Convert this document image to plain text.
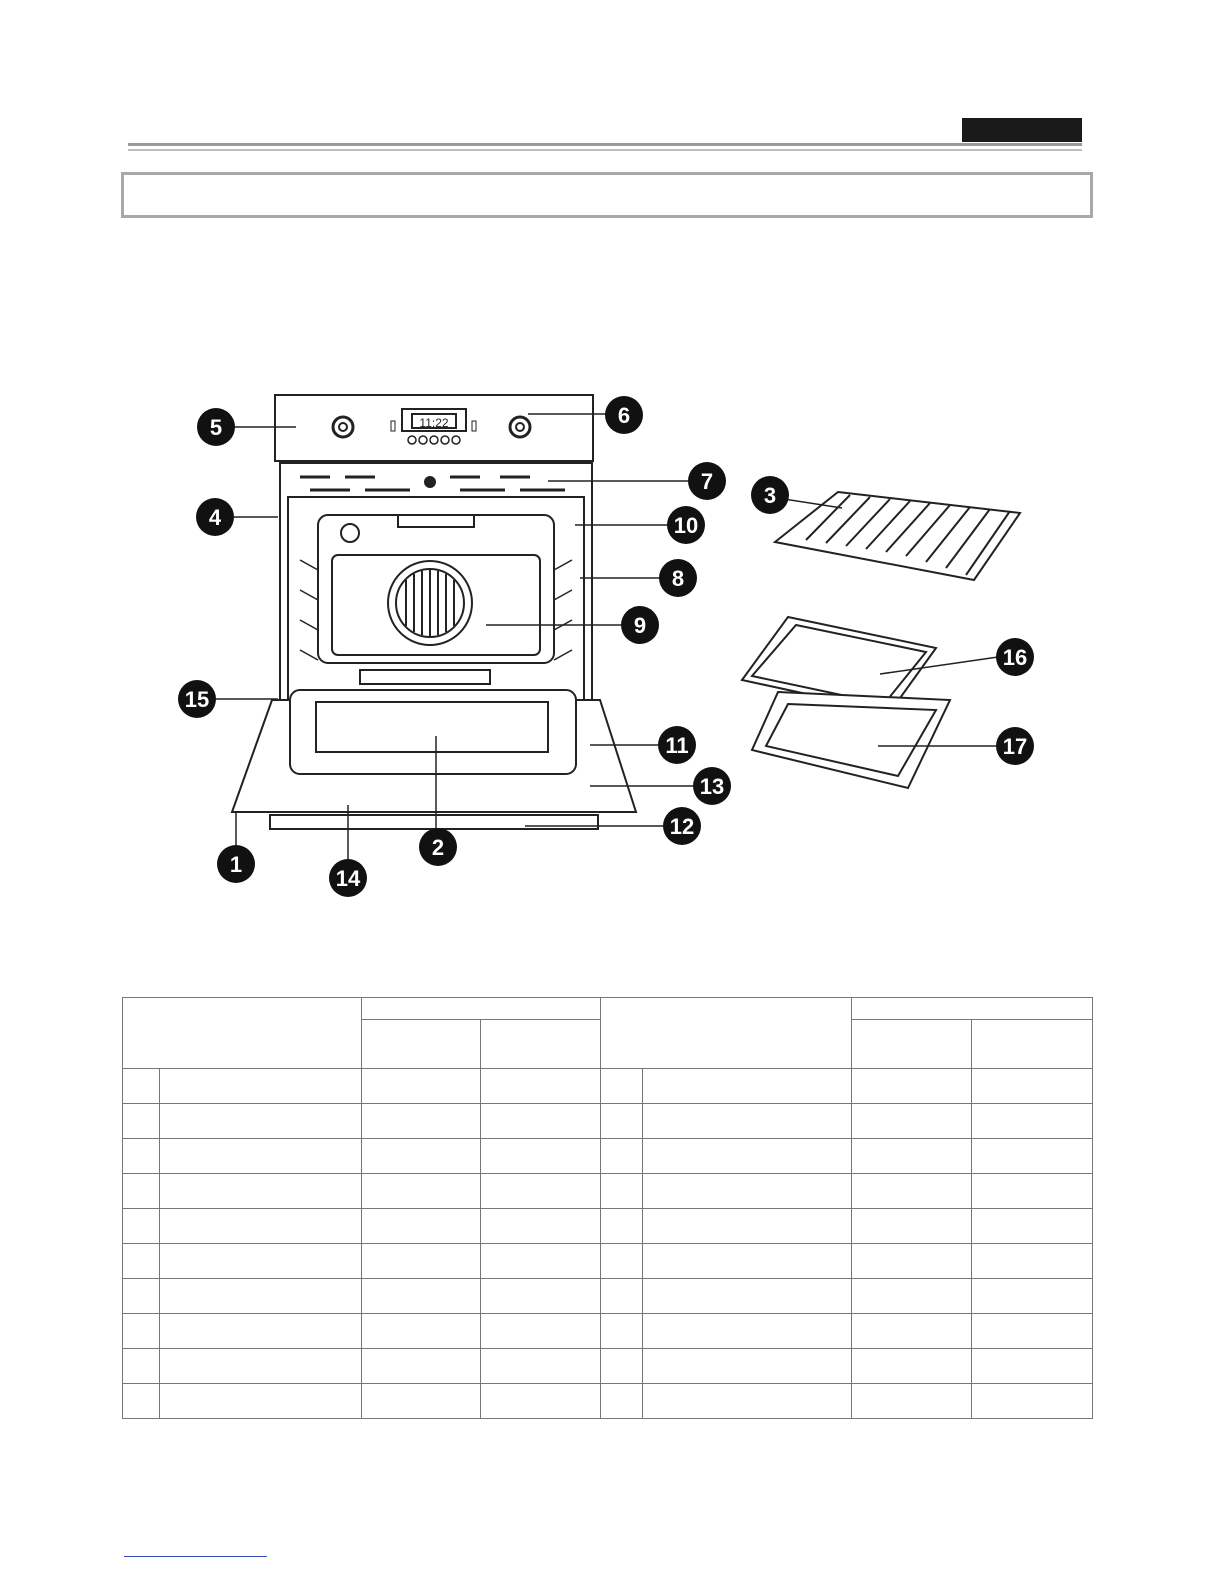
5	6
7
4	10
8
9
15
11
13
12
1
2
14
3
16
17
11:22
